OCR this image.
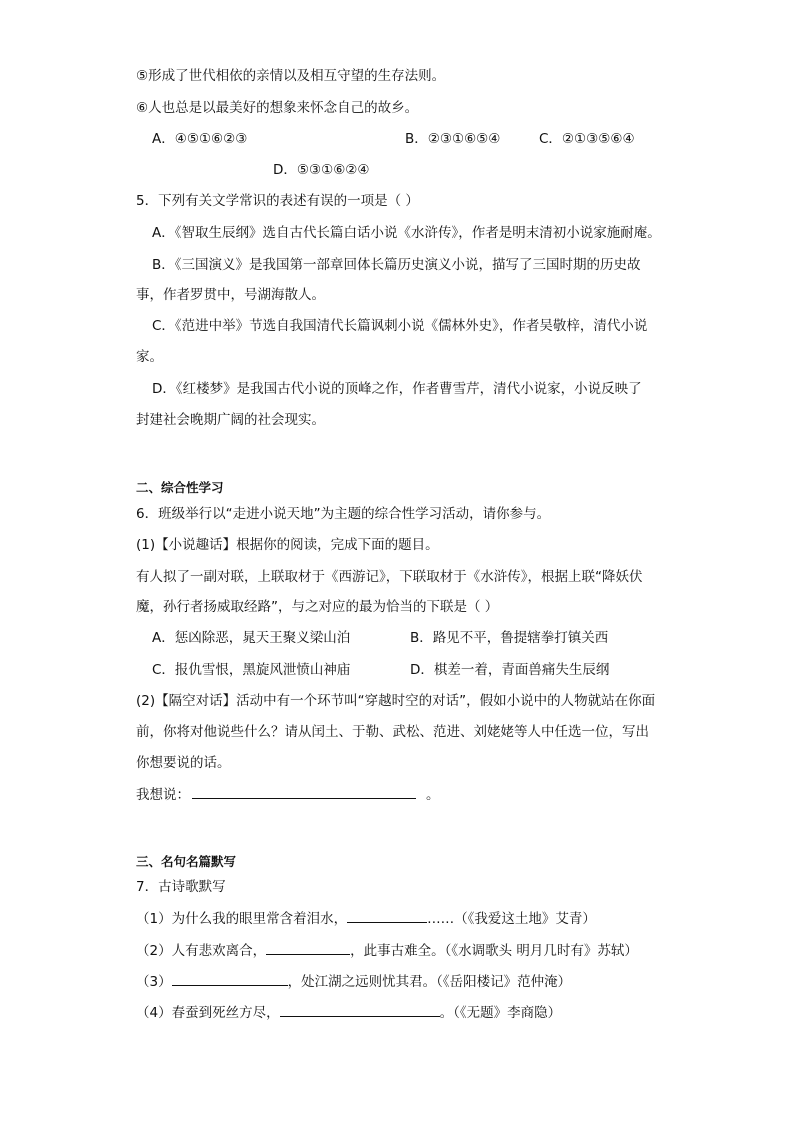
⑤形成了世代相依的亲情以及相互守望的生存法则。
⑥人也总是以最美好的想象来怀念自己的故乡。
A．④⑤①⑥②③	B．②③①⑥⑤④	C．②①③⑤⑥④
D．⑤③①⑥②④
5．下列有关文学常识的表述有误的一项是（ ）
A．《智取生辰纲》选自古代长篇白话小说《水浒传》，作者是明末清初小说家施耐庵。
B．《三国演义》是我国第一部章回体长篇历史演义小说，描写了三国时期的历史故
事，作者罗贯中，号湖海散人。
C．《范进中举》节选自我国清代长篇讽刺小说《儒林外史》，作者吴敬梓，清代小说
家。
D．《红楼梦》是我国古代小说的顶峰之作，作者曹雪芹，清代小说家，小说反映了
封建社会晚期广阔的社会现实。
二、综合性学习
6．班级举行以“走进小说天地”为主题的综合性学习活动，请你参与。
(1)【小说趣话】根据你的阅读，完成下面的题目。
有人拟了一副对联，上联取材于《西游记》，下联取材于《水浒传》，根据上联“降妖伏
魔，孙行者扬威取经路”，与之对应的最为恰当的下联是（ ）
A．惩凶除恶，晁天王聚义梁山泊	B．路见不平，鲁提辖拳打镇关西
C．报仇雪恨，黑旋风泄愤山神庙	D．棋差一着，青面兽痛失生辰纲
(2)【隔空对话】活动中有一个环节叫“穿越时空的对话”，假如小说中的人物就站在你面
前，你将对他说些什么？请从闰土、于勒、武松、范进、刘姥姥等人中任选一位，写出
你想要说的话。
我想说：	。
三、名句名篇默写
7．古诗歌默写
（1）为什么我的眼里常含着泪水，	……（《我爱这土地》艾青）
（2）人有悲欢离合，	，此事古难全。（《水调歌头 明月几时有》苏轼）
（3）	，处江湖之远则忧其君。（《岳阳楼记》范仲淹）
（4）春蚕到死丝方尽，	。（《无题》李商隐）
